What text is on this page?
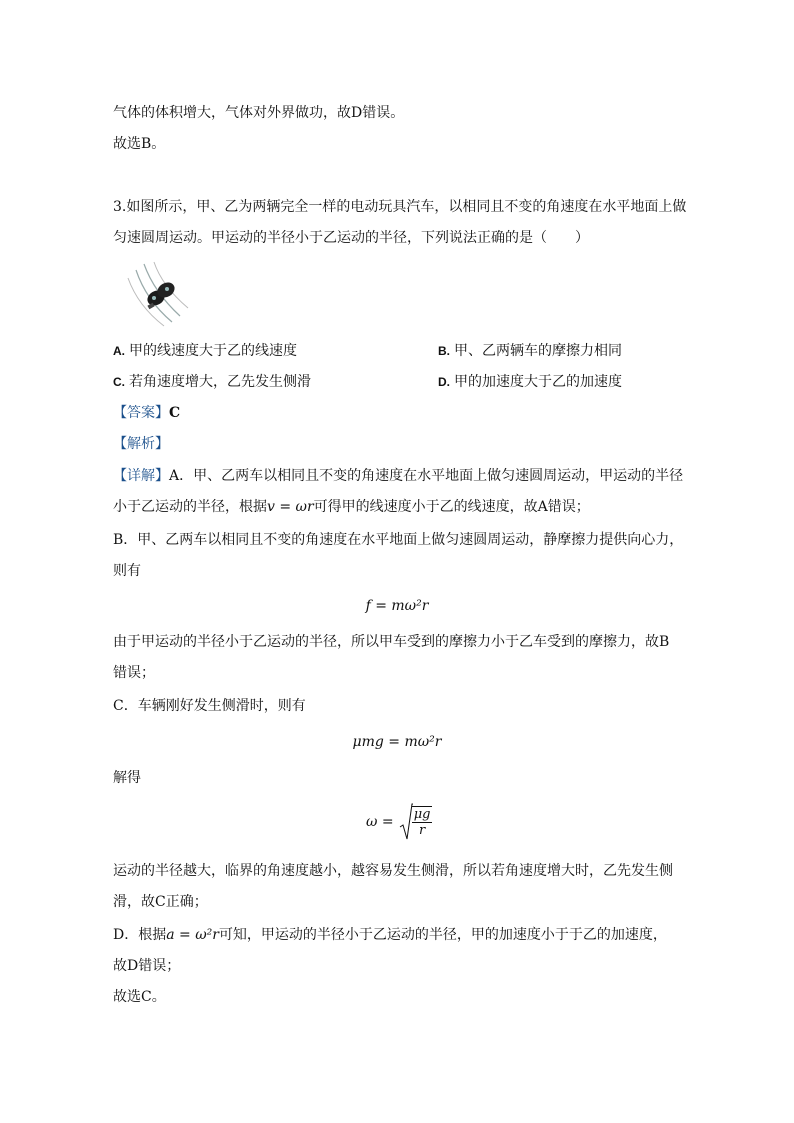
气体的体积增大，气体对外界做功，故D错误。
故选B。
3.如图所示，甲、乙为两辆完全一样的电动玩具汽车，以相同且不变的角速度在水平地面上做
匀速圆周运动。甲运动的半径小于乙运动的半径，下列说法正确的是（　　）
A. 甲的线速度大于乙的线速度	B. 甲、乙两辆车的摩擦力相同
C. 若角速度增大，乙先发生侧滑	D. 甲的加速度大于乙的加速度
【答案】C
【解析】
【详解】A．甲、乙两车以相同且不变的角速度在水平地面上做匀速圆周运动，甲运动的半径
小于乙运动的半径，根据v = ωr可得甲的线速度小于乙的线速度，故A错误；
B．甲、乙两车以相同且不变的角速度在水平地面上做匀速圆周运动，静摩擦力提供向心力，
则有
f = mω²r
由于甲运动的半径小于乙运动的半径，所以甲车受到的摩擦力小于乙车受到的摩擦力，故B
错误；
C．车辆刚好发生侧滑时，则有
μmg = mω²r
解得
$\omega = \frac{\mu g}{r}$
运动的半径越大，临界的角速度越小，越容易发生侧滑，所以若角速度增大时，乙先发生侧
滑，故C正确；
D．根据a = ω²r可知，甲运动的半径小于乙运动的半径，甲的加速度小于于乙的加速度，
故D错误；
故选C。
